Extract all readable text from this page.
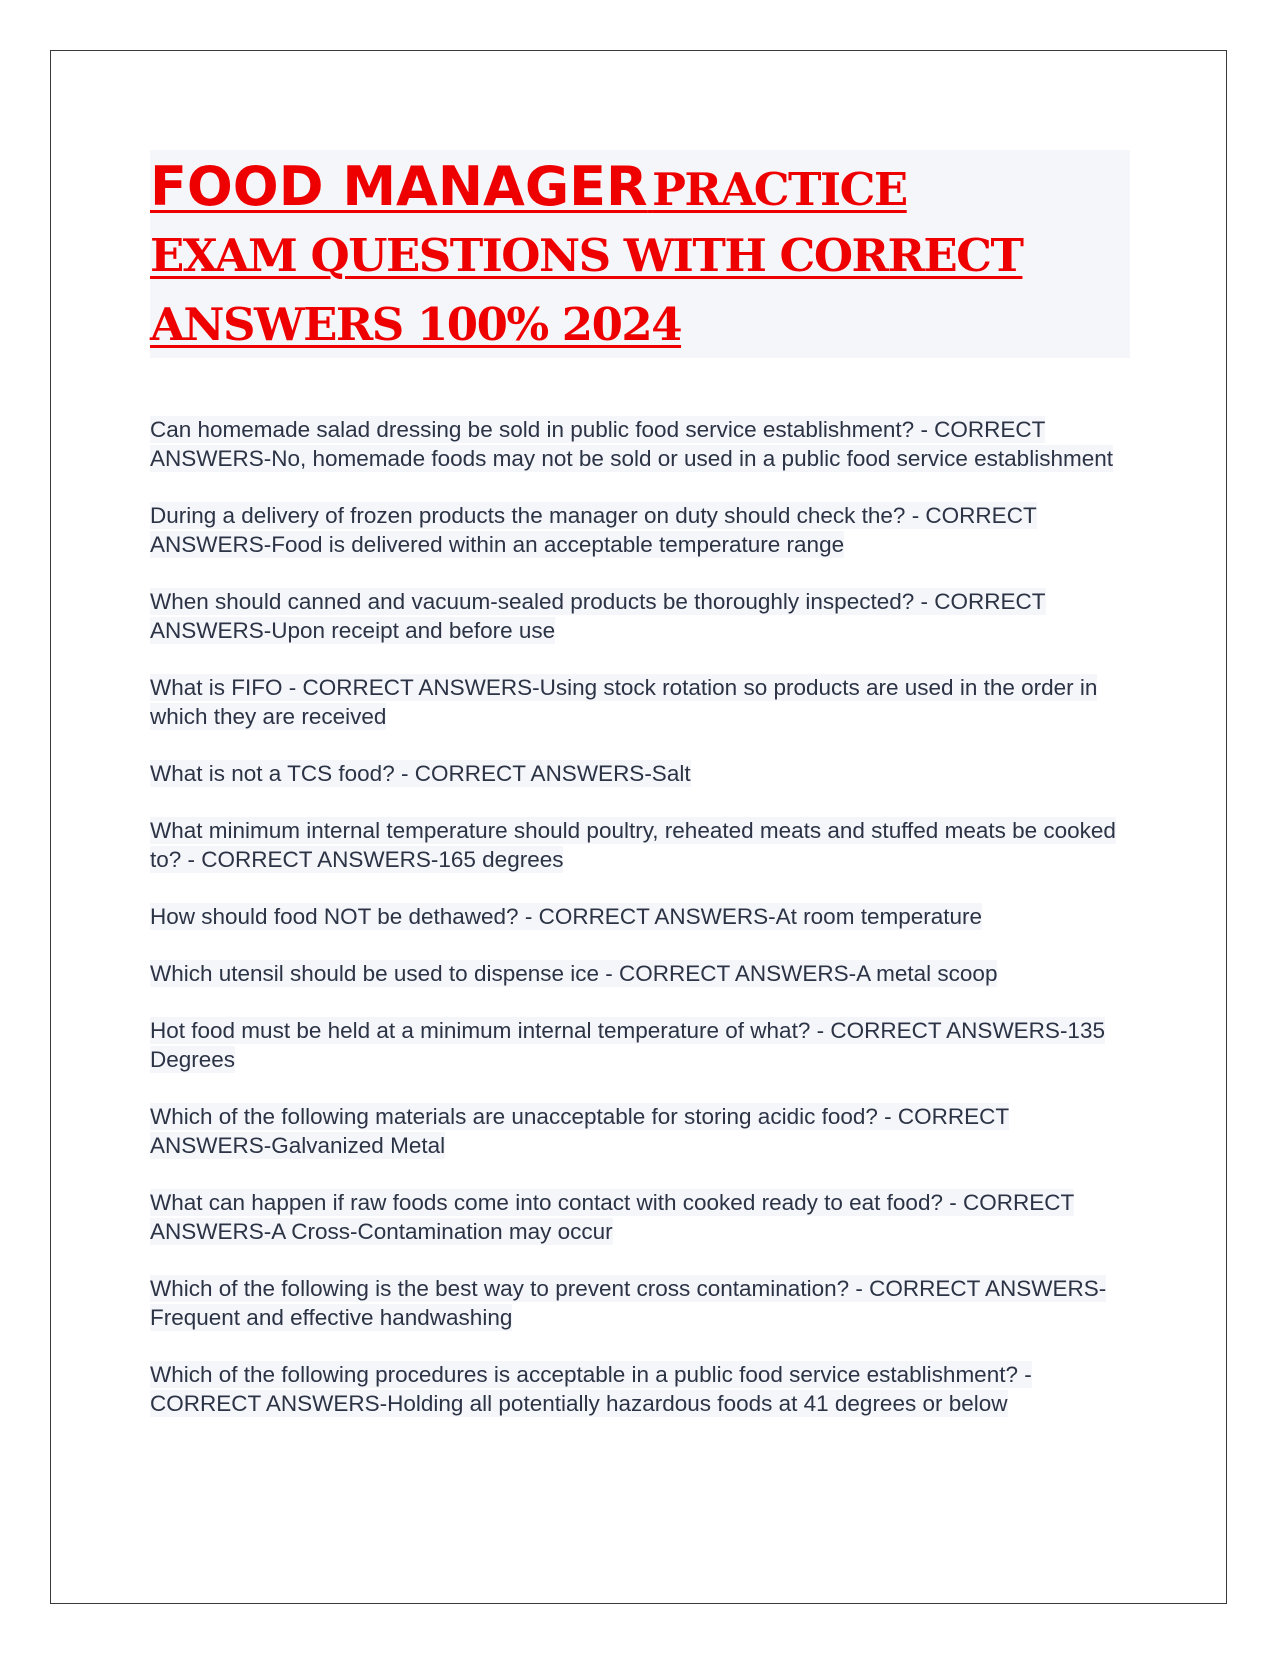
FOOD MANAGER PRACTICE
EXAM QUESTIONS WITH CORRECT
ANSWERS 100% 2024

Can homemade salad dressing be sold in public food service establishment? - CORRECT ANSWERS-No, homemade foods may not be sold or used in a public food service establishment

During a delivery of frozen products the manager on duty should check the? - CORRECT ANSWERS-Food is delivered within an acceptable temperature range

When should canned and vacuum-sealed products be thoroughly inspected? - CORRECT ANSWERS-Upon receipt and before use

What is FIFO - CORRECT ANSWERS-Using stock rotation so products are used in the order in which they are received

What is not a TCS food? - CORRECT ANSWERS-Salt

What minimum internal temperature should poultry, reheated meats and stuffed meats be cooked to? - CORRECT ANSWERS-165 degrees

How should food NOT be dethawed? - CORRECT ANSWERS-At room temperature

Which utensil should be used to dispense ice - CORRECT ANSWERS-A metal scoop

Hot food must be held at a minimum internal temperature of what? - CORRECT ANSWERS-135 Degrees

Which of the following materials are unacceptable for storing acidic food? - CORRECT ANSWERS-Galvanized Metal

What can happen if raw foods come into contact with cooked ready to eat food? - CORRECT ANSWERS-A Cross-Contamination may occur

Which of the following is the best way to prevent cross contamination? - CORRECT ANSWERS-Frequent and effective handwashing

Which of the following procedures is acceptable in a public food service establishment? - CORRECT ANSWERS-Holding all potentially hazardous foods at 41 degrees or below
